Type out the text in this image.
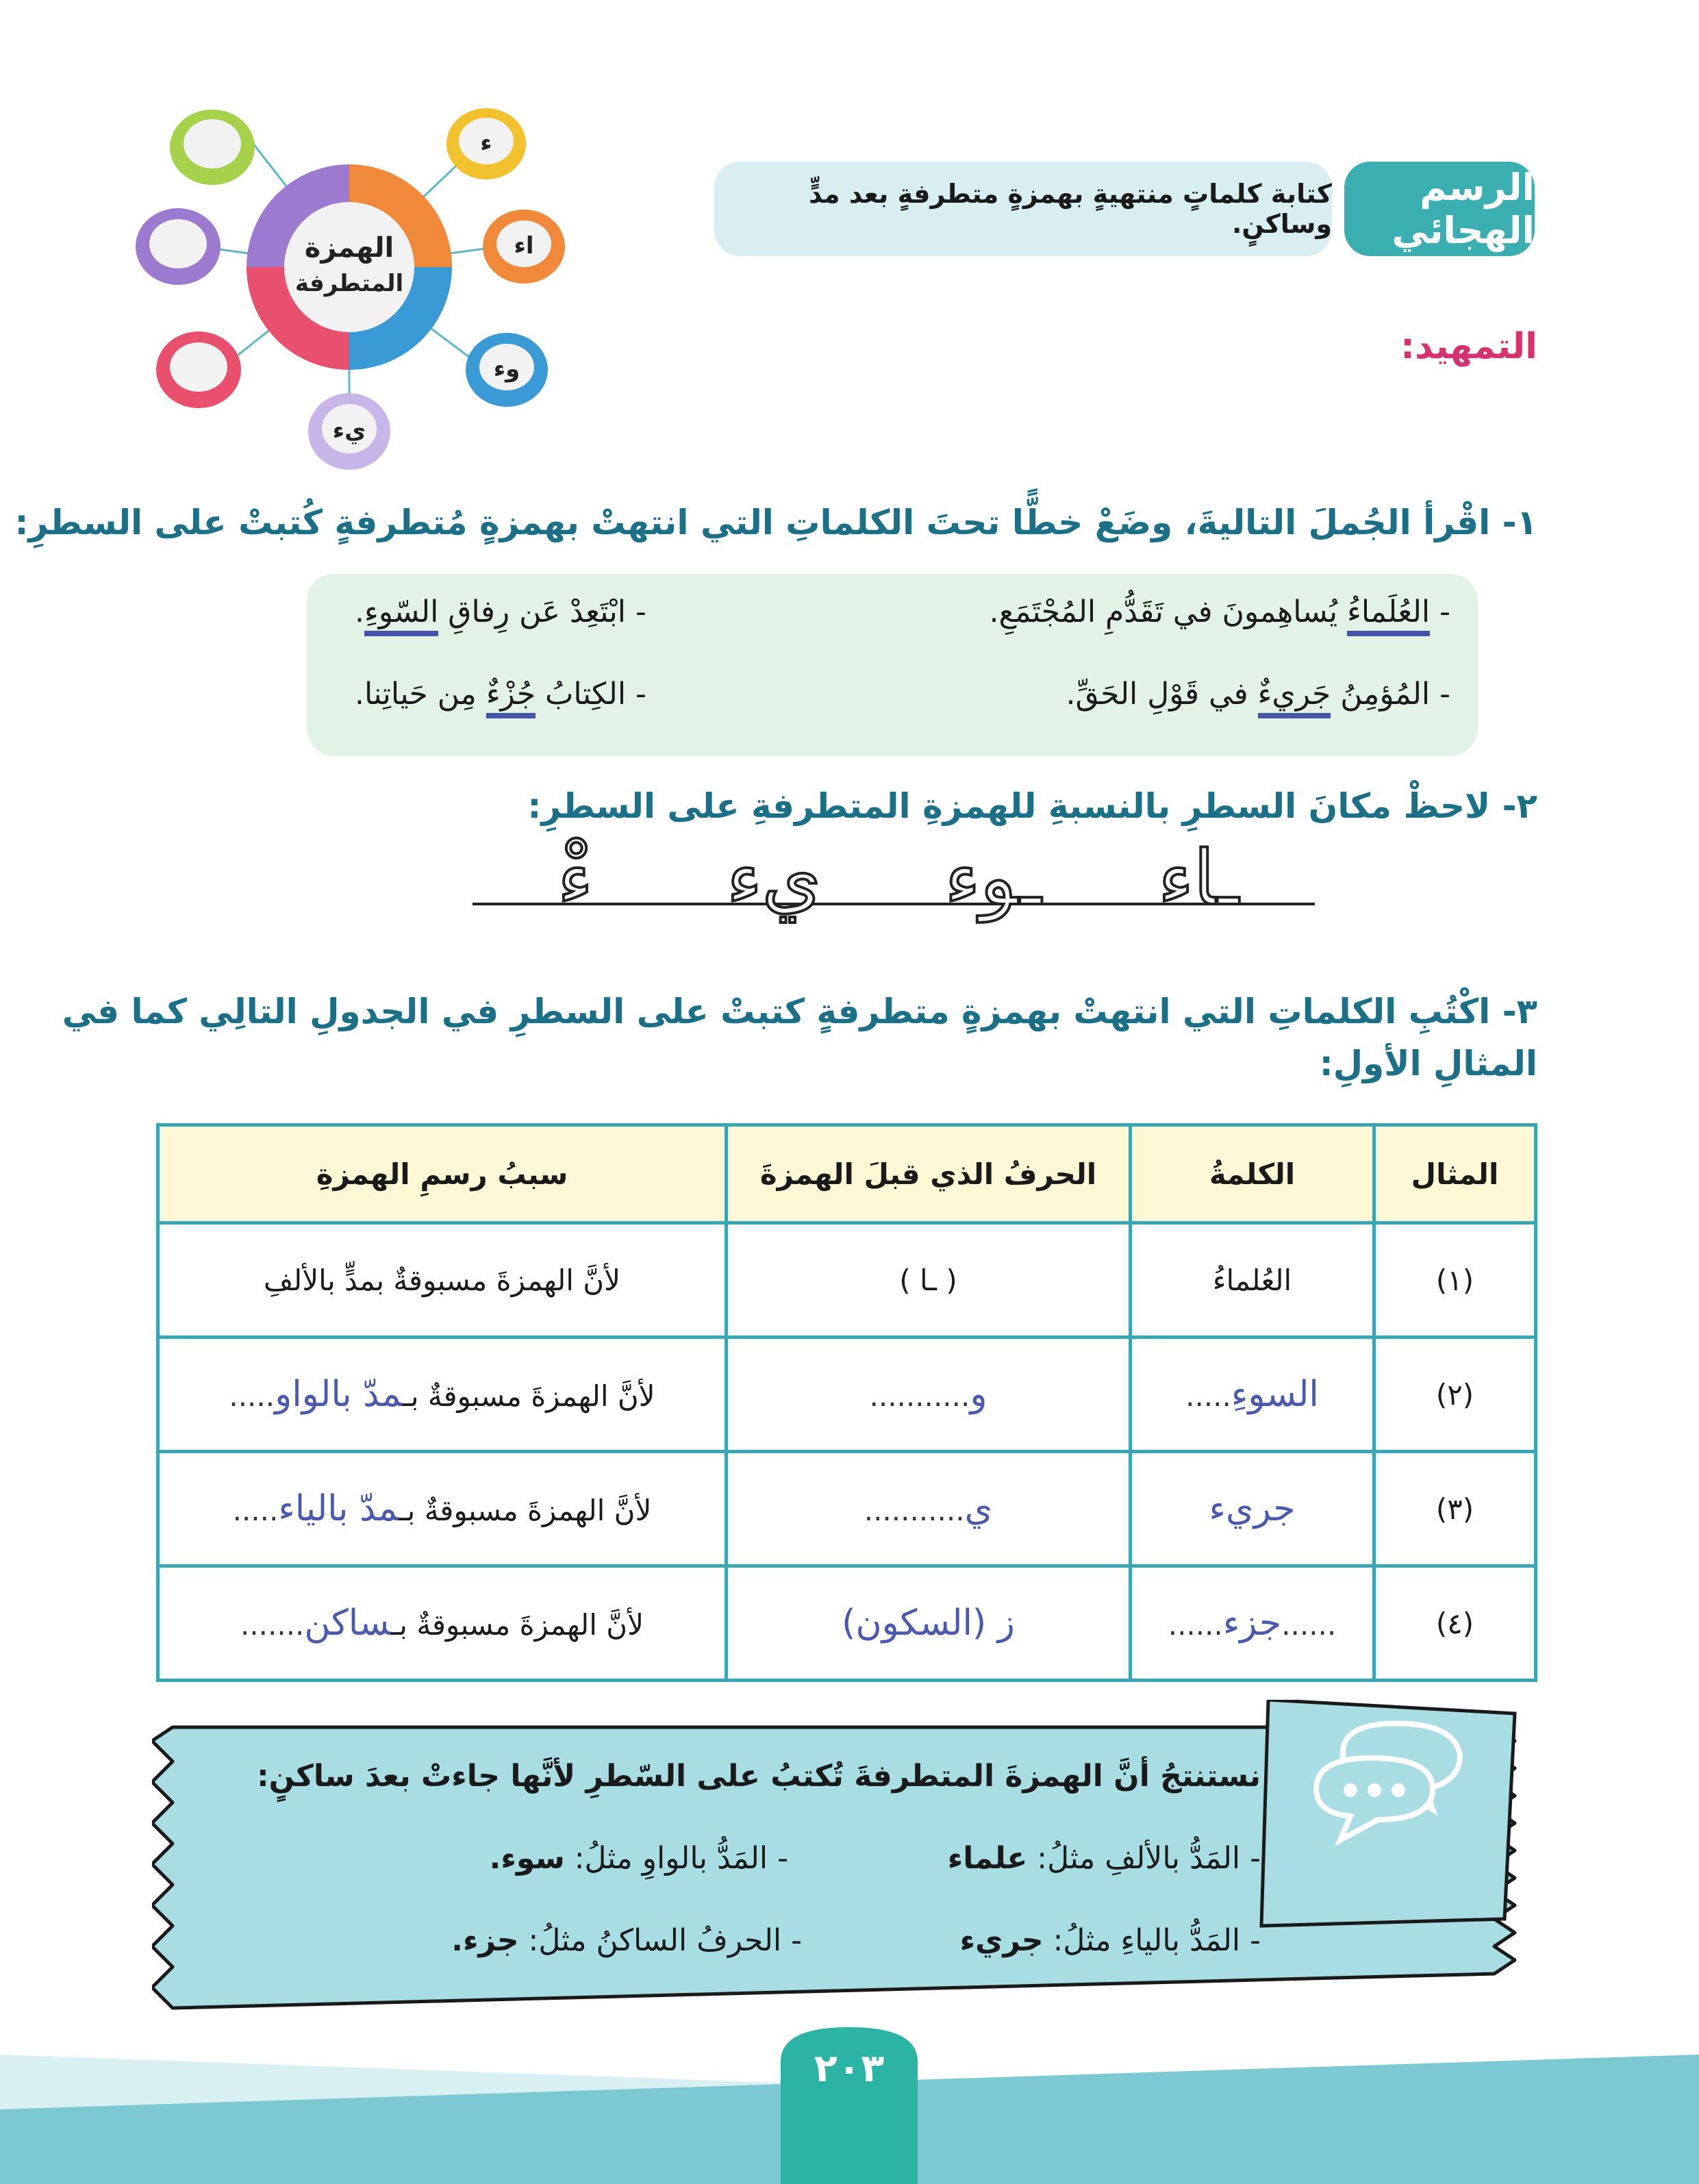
الرسم الهجائي
كتابة كلماتٍ منتهيةٍ بهمزةٍ متطرفةٍ بعد مدٍّ وساكنٍ.
الهمزة
المتطرفة
ء
اء
وء
يء
التمهيد:
١- اقْرأ الجُملَ التاليةَ، وضَعْ خطًّا تحتَ الكلماتِ التي انتهتْ بهمزةٍ مُتطرفةٍ كُتبتْ على السطرِ:
- العُلَماءُ يُساهِمونَ في تَقَدُّمِ المُجْتَمَعِ.
- ابْتَعِدْ عَن رِفاقِ السّوءِ.
- المُؤمِنُ جَريءٌ في قَوْلِ الحَقِّ.
- الكِتابُ جُزْءٌ مِن حَياتِنا.
٢- لاحظْ مكانَ السطرِ بالنسبةِ للهمزةِ المتطرفةِ على السطرِ:
ءْ يء ـوء ـاء
٣- اكْتُبِ الكلماتِ التي انتهتْ بهمزةٍ متطرفةٍ كتبتْ على السطرِ في الجدولِ التالِي كما في
المثالِ الأولِ:
المثال	الكلمةُ	الحرفُ الذي قبلَ الهمزةَ	سببُ رسمِ الهمزةِ
(١)	العُلماءُ	( ـا )	لأنَّ الهمزةَ مسبوقةٌ بمدٍّ بالألفِ
(٢)	السوءِ.....	و...........	لأنَّ الهمزةَ مسبوقةٌ بـمدّ بالواو.....
(٣)	جريء	ي...........	لأنَّ الهمزةَ مسبوقةٌ بـمدّ بالياء.....
(٤)	......جزء......	ز (السكون)	لأنَّ الهمزةَ مسبوقةٌ بـساكن.......
نستنتجُ أنَّ الهمزةَ المتطرفةَ تُكتبُ على السّطرِ لأنَّها جاءتْ بعدَ ساكنٍ:
- المَدُّ بالألفِ مثلُ: علماء
- المَدُّ بالواوِ مثلُ: سوء.
- المَدُّ بالياءِ مثلُ: جريء
- الحرفُ الساكنُ مثلُ: جزء.
٢٠٣
